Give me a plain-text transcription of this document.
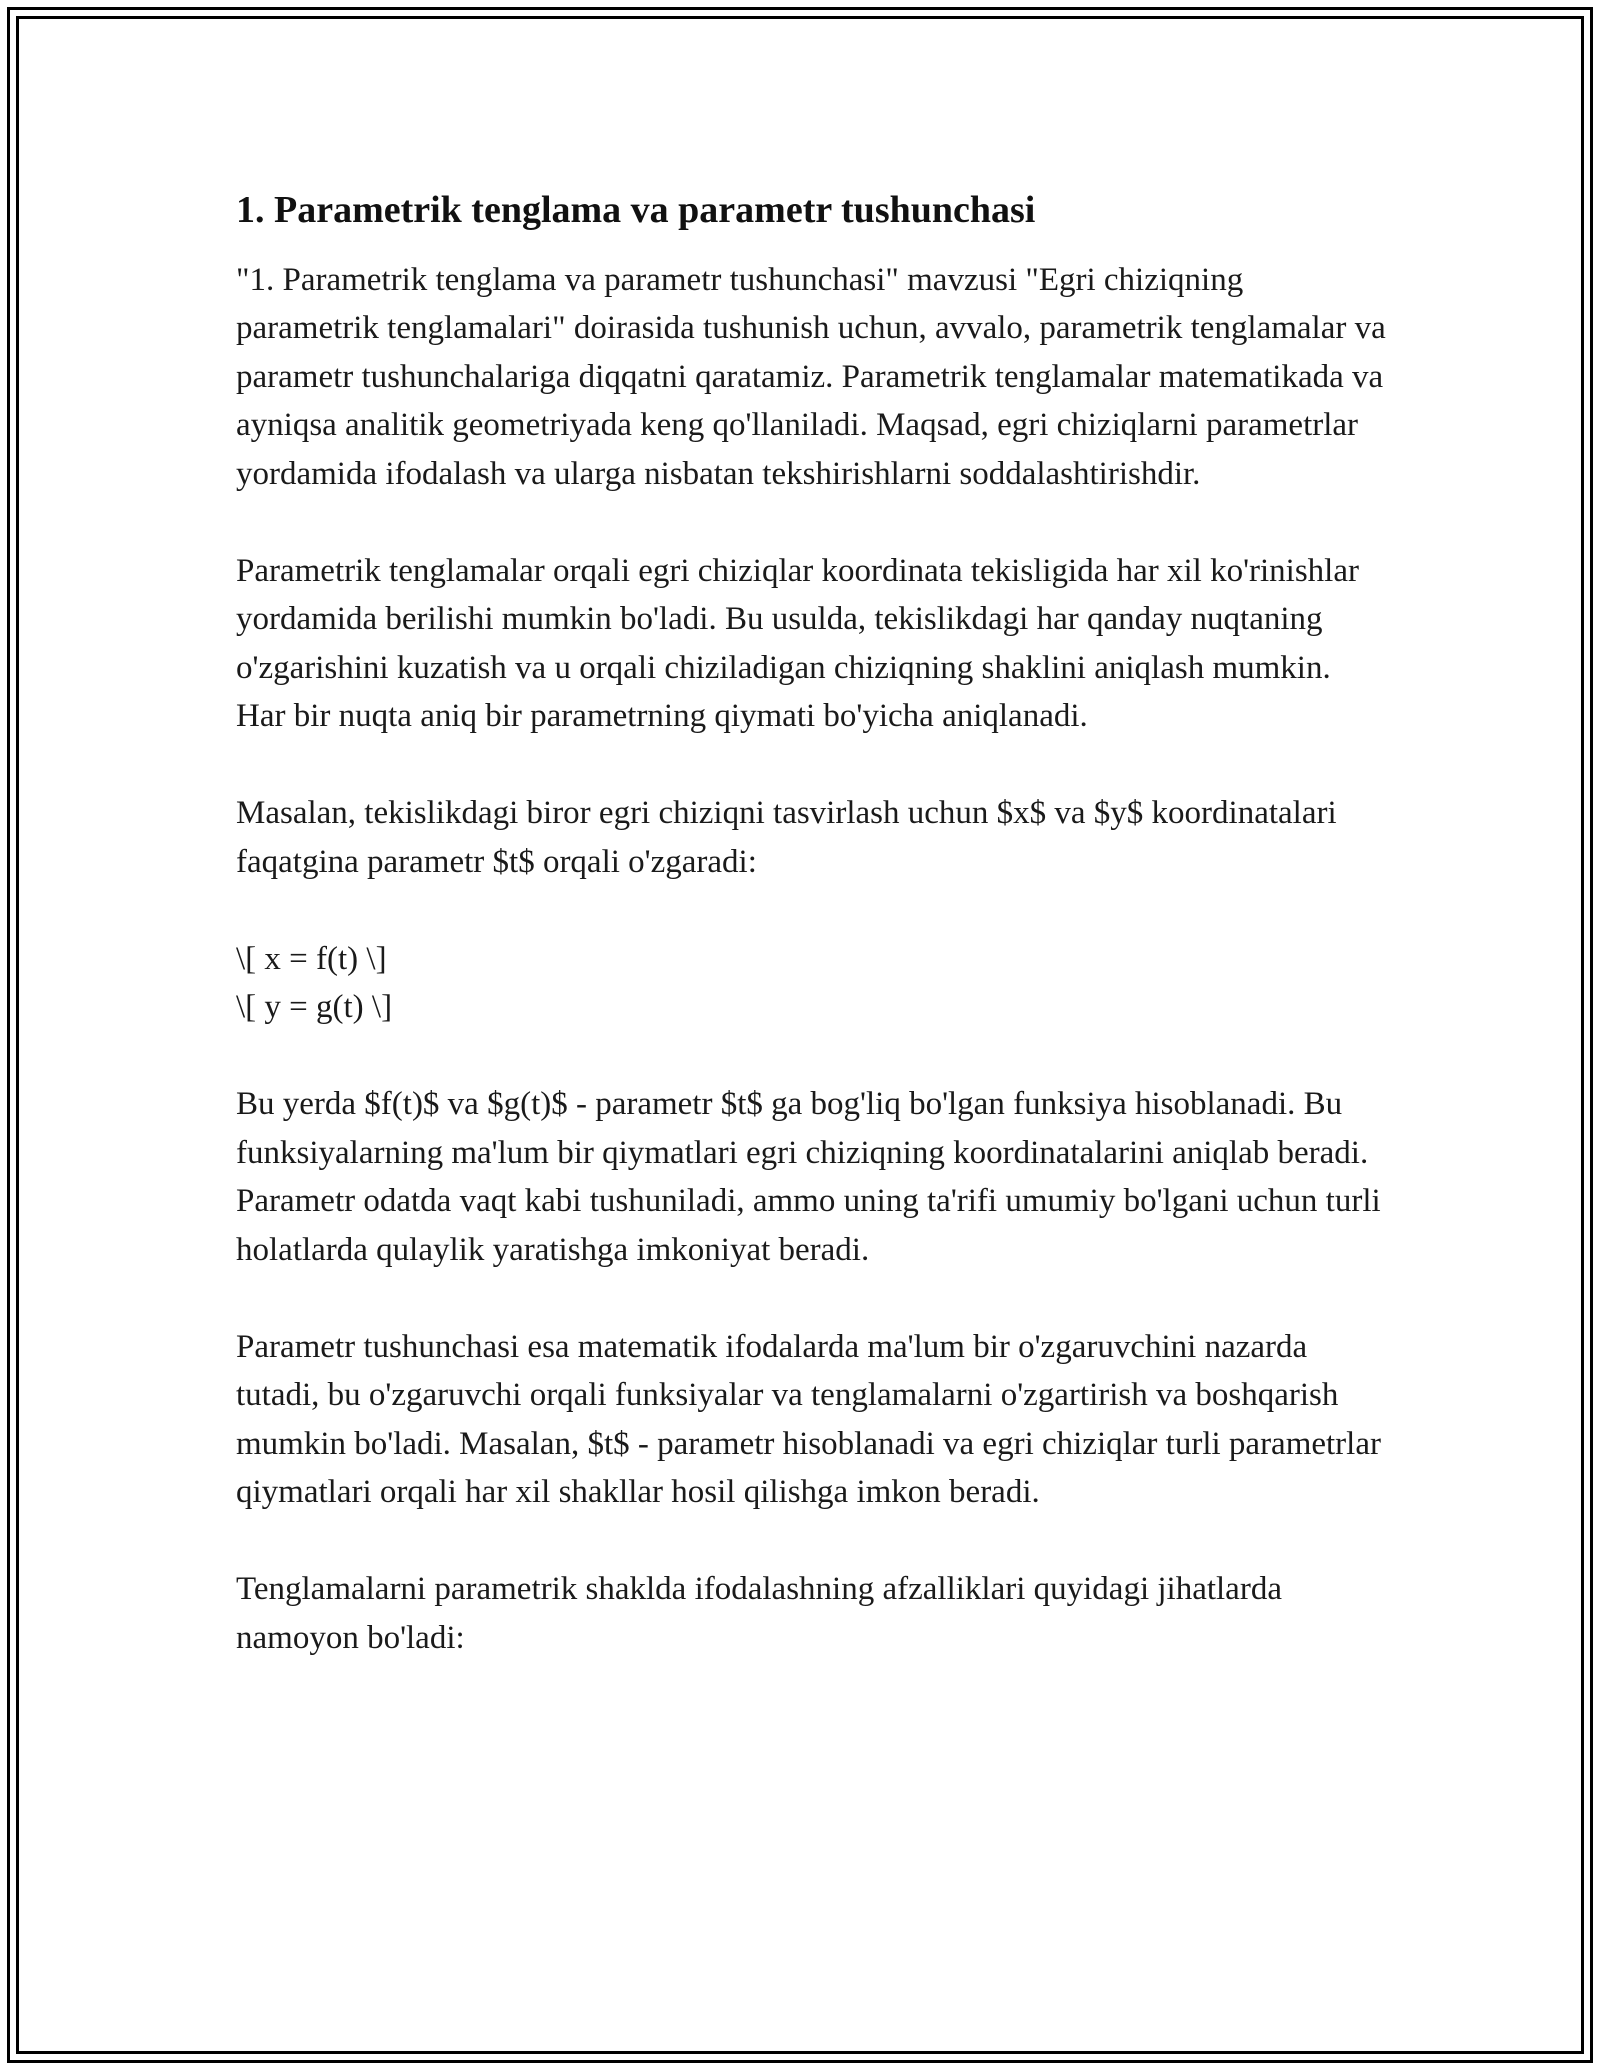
1. Parametrik tenglama va parametr tushunchasi

"1. Parametrik tenglama va parametr tushunchasi" mavzusi "Egri chiziqning parametrik tenglamalari" doirasida tushunish uchun, avvalo, parametrik tenglamalar va parametr tushunchalariga diqqatni qaratamiz. Parametrik tenglamalar matematikada va ayniqsa analitik geometriyada keng qo'llaniladi. Maqsad, egri chiziqlarni parametrlar yordamida ifodalash va ularga nisbatan tekshirishlarni soddalashtirishdir.

Parametrik tenglamalar orqali egri chiziqlar koordinata tekisligida har xil ko'rinishlar yordamida berilishi mumkin bo'ladi. Bu usulda, tekislikdagi har qanday nuqtaning o'zgarishini kuzatish va u orqali chiziladigan chiziqning shaklini aniqlash mumkin. Har bir nuqta aniq bir parametrning qiymati bo'yicha aniqlanadi.

Masalan, tekislikdagi biror egri chiziqni tasvirlash uchun $x$ va $y$ koordinatalari faqatgina parametr $t$ orqali o'zgaradi:

\[ x = f(t) \]
\[ y = g(t) \]

Bu yerda $f(t)$ va $g(t)$ - parametr $t$ ga bog'liq bo'lgan funksiya hisoblanadi. Bu funksiyalarning ma'lum bir qiymatlari egri chiziqning koordinatalarini aniqlab beradi. Parametr odatda vaqt kabi tushuniladi, ammo uning ta'rifi umumiy bo'lgani uchun turli holatlarda qulaylik yaratishga imkoniyat beradi.

Parametr tushunchasi esa matematik ifodalarda ma'lum bir o'zgaruvchini nazarda tutadi, bu o'zgaruvchi orqali funksiyalar va tenglamalarni o'zgartirish va boshqarish mumkin bo'ladi. Masalan, $t$ - parametr hisoblanadi va egri chiziqlar turli parametrlar qiymatlari orqali har xil shakllar hosil qilishga imkon beradi.

Tenglamalarni parametrik shaklda ifodalashning afzalliklari quyidagi jihatlarda namoyon bo'ladi:
